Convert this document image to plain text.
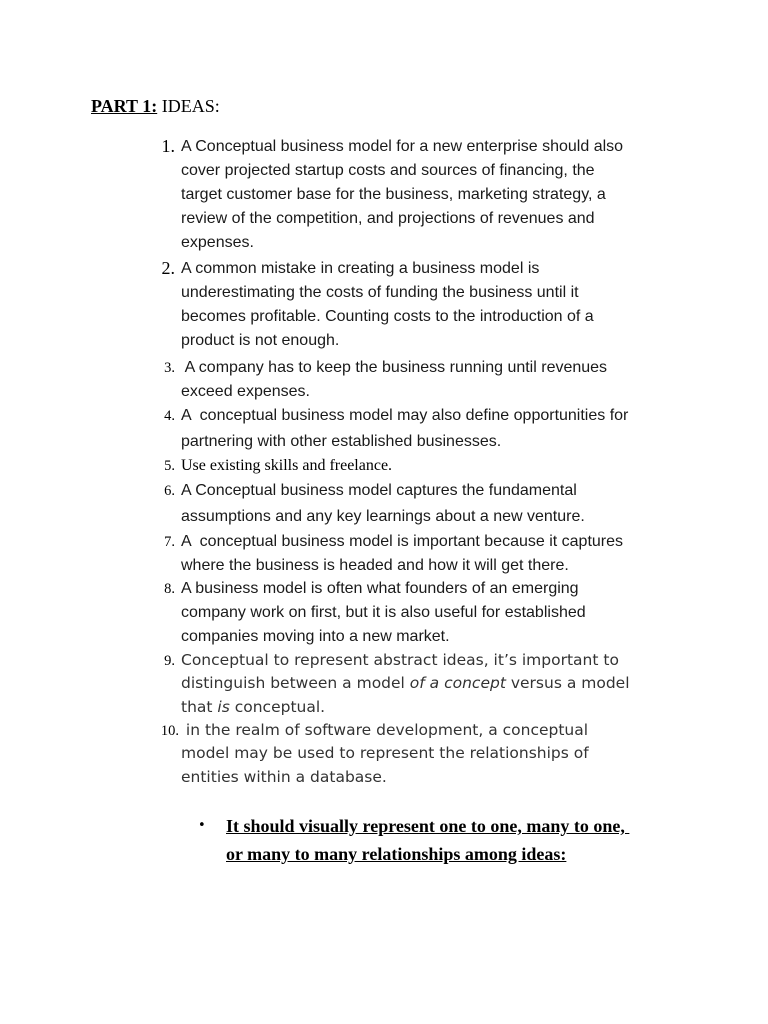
PART 1: IDEAS:
1. A Conceptual business model for a new enterprise should also
cover projected startup costs and sources of financing, the
target customer base for the business, marketing strategy, a
review of the competition, and projections of revenues and
expenses.
2. A common mistake in creating a business model is
underestimating the costs of funding the business until it
becomes profitable. Counting costs to the introduction of a
product is not enough.
3. A company has to keep the business running until revenues
exceed expenses.
4. A  conceptual business model may also define opportunities for
partnering with other established businesses.
5. Use existing skills and freelance.
6. A Conceptual business model captures the fundamental
assumptions and any key learnings about a new venture.
7. A  conceptual business model is important because it captures
where the business is headed and how it will get there.
8. A business model is often what founders of an emerging
company work on first, but it is also useful for established
companies moving into a new market.
9. Conceptual to represent abstract ideas, it’s important to
distinguish between a model of a concept versus a model
that is conceptual.
10. in the realm of software development, a conceptual
model may be used to represent the relationships of
entities within a database.
• It should visually represent one to one, many to one,
or many to many relationships among ideas:
